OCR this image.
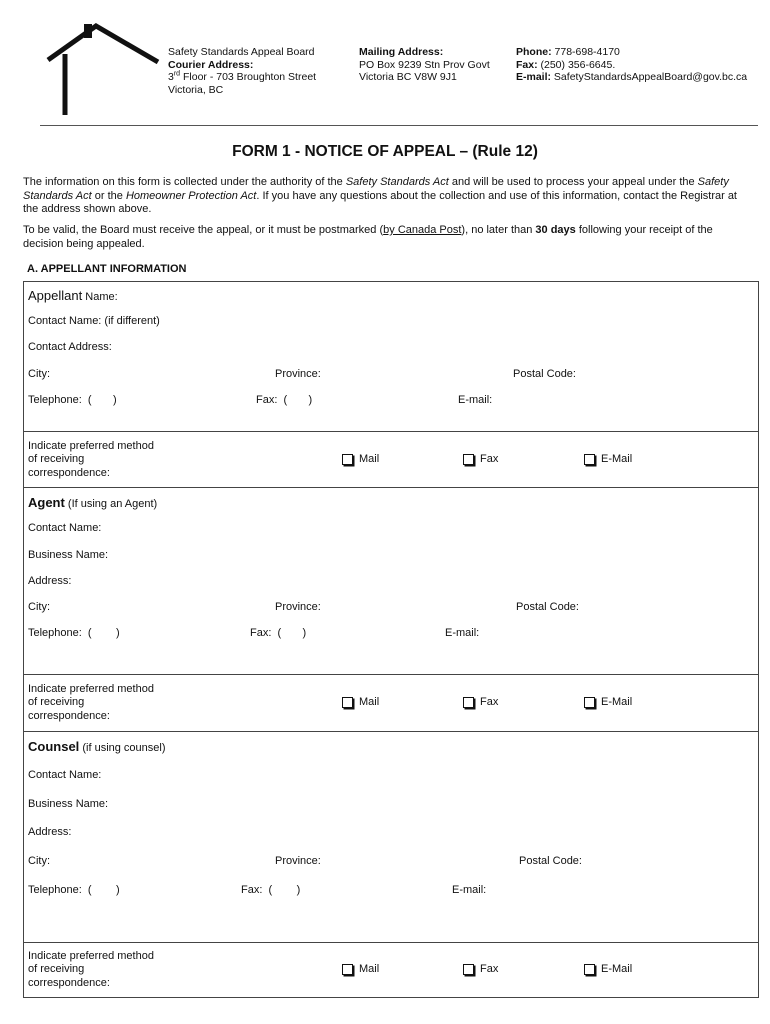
Safety Standards Appeal Board
Courier Address:
3rd Floor - 703 Broughton Street
Victoria, BC
Mailing Address:
PO Box 9239 Stn Prov Govt
Victoria BC V8W 9J1
Phone: 778-698-4170
Fax: (250) 356-6645.
E-mail: SafetyStandardsAppealBoard@gov.bc.ca
FORM 1 - NOTICE OF APPEAL – (Rule 12)
The information on this form is collected under the authority of the Safety Standards Act and will be used to process your appeal under the Safety Standards Act or the Homeowner Protection Act. If you have any questions about the collection and use of this information, contact the Registrar at the address shown above.
To be valid, the Board must receive the appeal, or it must be postmarked (by Canada Post), no later than 30 days following your receipt of the decision being appealed.
A. APPELLANT INFORMATION
Appellant Name:
Contact Name: (if different)
Contact Address:
City:	Province:	Postal Code:
Telephone:  (       )	Fax:  (       )	E-mail:
Indicate preferred method
of receiving
correspondence:
Mail	Fax	E-Mail
Agent (If using an Agent)
Contact Name:
Business Name:
Address:
City:	Province:	Postal Code:
Telephone:  (        )	Fax:  (       )	E-mail:
Indicate preferred method
of receiving
correspondence:
Mail	Fax	E-Mail
Counsel (if using counsel)
Contact Name:
Business Name:
Address:
City:	Province:	Postal Code:
Telephone:  (        )	Fax:  (        )	E-mail:
Indicate preferred method
of receiving
correspondence:
Mail	Fax	E-Mail
